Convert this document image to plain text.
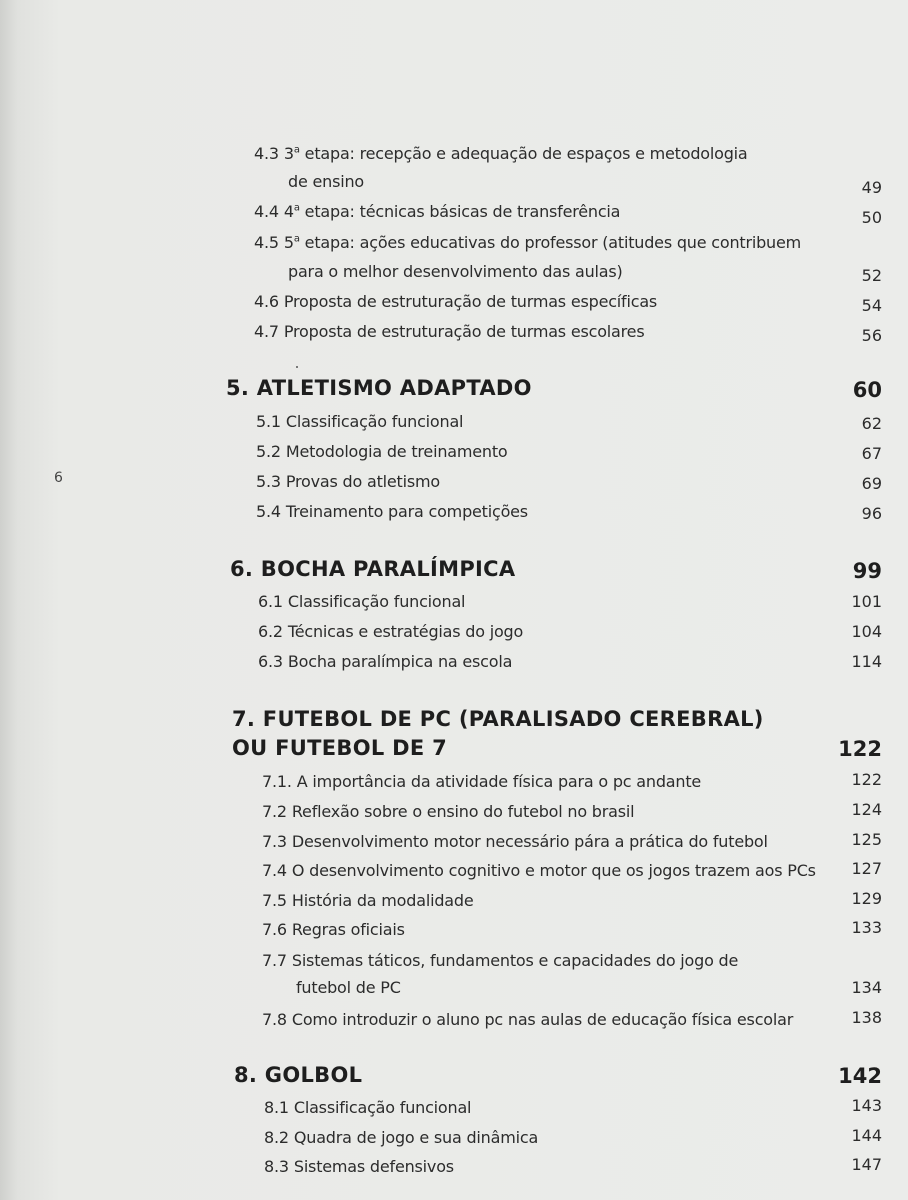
6
4.3 3$^a$ etapa: recepção e adequação de espaços e metodologia
de ensino	49
4.4 4$^a$ etapa: técnicas básicas de transferência	50
4.5 5$^a$ etapa: ações educativas do professor (atitudes que contribuem
para o melhor desenvolvimento das aulas)	52
4.6 Proposta de estruturação de turmas específicas	54
4.7 Proposta de estruturação de turmas escolares	56
5. ATLETISMO ADAPTADO	60
5.1 Classificação funcional	62
5.2 Metodologia de treinamento	67
5.3 Provas do atletismo	69
5.4 Treinamento para competições	96
6. BOCHA PARALÍMPICA	99
6.1 Classificação funcional	101
6.2 Técnicas e estratégias do jogo	104
6.3 Bocha paralímpica na escola	114
7. FUTEBOL DE PC (PARALISADO CEREBRAL)
OU FUTEBOL DE 7	122
7.1. A importância da atividade física para o pc andante	122
7.2 Reflexão sobre o ensino do futebol no brasil	124
7.3 Desenvolvimento motor necessário pára a prática do futebol	125
7.4 O desenvolvimento cognitivo e motor que os jogos trazem aos PCs	127
7.5 História da modalidade	129
7.6 Regras oficiais	133
7.7 Sistemas táticos, fundamentos e capacidades do jogo de
futebol de PC	134
7.8 Como introduzir o aluno pc nas aulas de educação física escolar	138
8. GOLBOL	142
8.1 Classificação funcional	143
8.2 Quadra de jogo e sua dinâmica	144
8.3 Sistemas defensivos	147
